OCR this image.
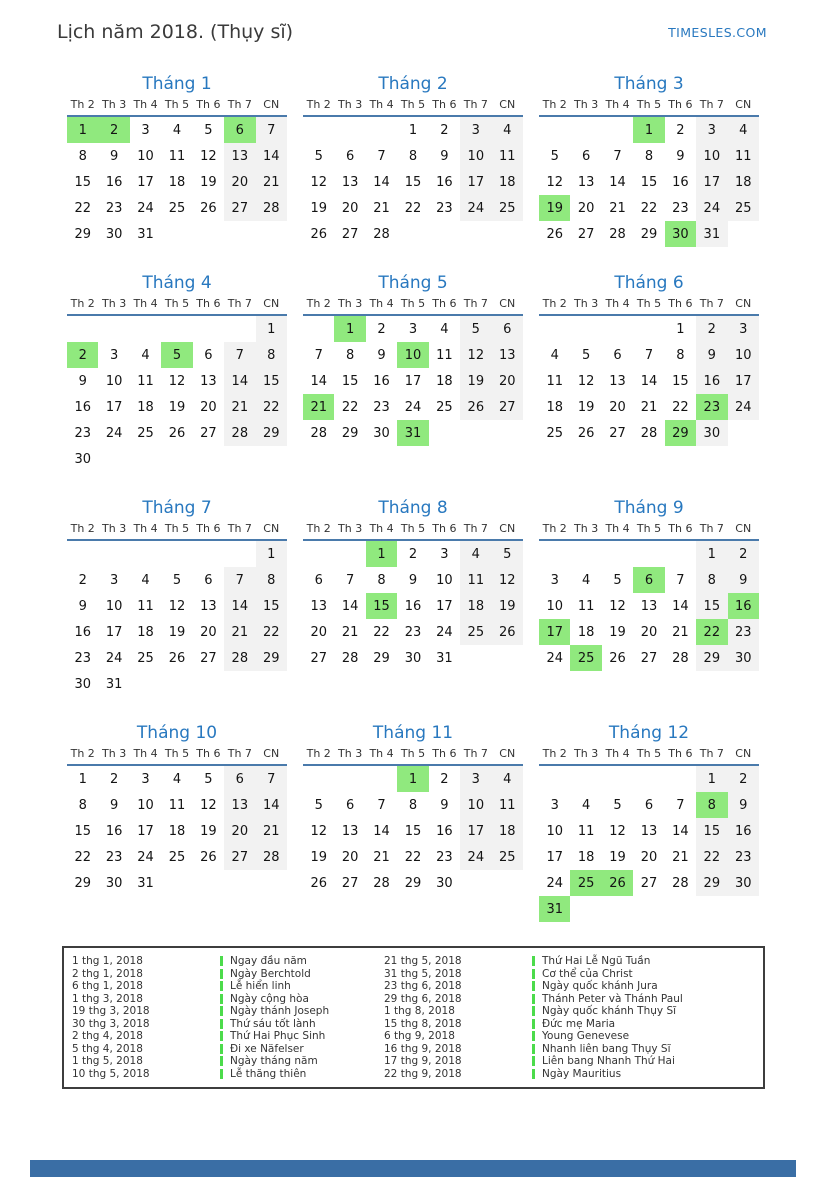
Lịch năm 2018. (Thụy sĩ)	TIMESLES.COM
Tháng 1
Th 2	Th 3	Th 4	Th 5	Th 6	Th 7	CN
1	2	3	4	5	6	7
8	9	10	11	12	13	14
15	16	17	18	19	20	21
22	23	24	25	26	27	28
29	30	31				
Tháng 2
Th 2	Th 3	Th 4	Th 5	Th 6	Th 7	CN
			1	2	3	4
5	6	7	8	9	10	11
12	13	14	15	16	17	18
19	20	21	22	23	24	25
26	27	28				
Tháng 3
Th 2	Th 3	Th 4	Th 5	Th 6	Th 7	CN
			1	2	3	4
5	6	7	8	9	10	11
12	13	14	15	16	17	18
19	20	21	22	23	24	25
26	27	28	29	30	31	
Tháng 4
Th 2	Th 3	Th 4	Th 5	Th 6	Th 7	CN
						1
2	3	4	5	6	7	8
9	10	11	12	13	14	15
16	17	18	19	20	21	22
23	24	25	26	27	28	29
30						
Tháng 5
Th 2	Th 3	Th 4	Th 5	Th 6	Th 7	CN
	1	2	3	4	5	6
7	8	9	10	11	12	13
14	15	16	17	18	19	20
21	22	23	24	25	26	27
28	29	30	31			
Tháng 6
Th 2	Th 3	Th 4	Th 5	Th 6	Th 7	CN
				1	2	3
4	5	6	7	8	9	10
11	12	13	14	15	16	17
18	19	20	21	22	23	24
25	26	27	28	29	30	
Tháng 7
Th 2	Th 3	Th 4	Th 5	Th 6	Th 7	CN
						1
2	3	4	5	6	7	8
9	10	11	12	13	14	15
16	17	18	19	20	21	22
23	24	25	26	27	28	29
30	31					
Tháng 8
Th 2	Th 3	Th 4	Th 5	Th 6	Th 7	CN
		1	2	3	4	5
6	7	8	9	10	11	12
13	14	15	16	17	18	19
20	21	22	23	24	25	26
27	28	29	30	31		
Tháng 9
Th 2	Th 3	Th 4	Th 5	Th 6	Th 7	CN
					1	2
3	4	5	6	7	8	9
10	11	12	13	14	15	16
17	18	19	20	21	22	23
24	25	26	27	28	29	30
Tháng 10
Th 2	Th 3	Th 4	Th 5	Th 6	Th 7	CN
1	2	3	4	5	6	7
8	9	10	11	12	13	14
15	16	17	18	19	20	21
22	23	24	25	26	27	28
29	30	31				
Tháng 11
Th 2	Th 3	Th 4	Th 5	Th 6	Th 7	CN
			1	2	3	4
5	6	7	8	9	10	11
12	13	14	15	16	17	18
19	20	21	22	23	24	25
26	27	28	29	30		
Tháng 12
Th 2	Th 3	Th 4	Th 5	Th 6	Th 7	CN
					1	2
3	4	5	6	7	8	9
10	11	12	13	14	15	16
17	18	19	20	21	22	23
24	25	26	27	28	29	30
31						
1 thg 1, 2018	Ngay đầu năm
2 thg 1, 2018	Ngày Berchtold
6 thg 1, 2018	Lễ hiển linh
1 thg 3, 2018	Ngày cộng hòa
19 thg 3, 2018	Ngày thánh Joseph
30 thg 3, 2018	Thứ sáu tốt lành
2 thg 4, 2018	Thứ Hai Phục Sinh
5 thg 4, 2018	Đi xe Näfelser
1 thg 5, 2018	Ngày tháng năm
10 thg 5, 2018	Lễ thăng thiên
21 thg 5, 2018	Thứ Hai Lễ Ngũ Tuần
31 thg 5, 2018	Cơ thể của Christ
23 thg 6, 2018	Ngày quốc khánh Jura
29 thg 6, 2018	Thánh Peter và Thánh Paul
1 thg 8, 2018	Ngày quốc khánh Thụy Sĩ
15 thg 8, 2018	Đức mẹ Maria
6 thg 9, 2018	Young Genevese
16 thg 9, 2018	Nhanh liên bang Thụy Sĩ
17 thg 9, 2018	Liên bang Nhanh Thứ Hai
22 thg 9, 2018	Ngày Mauritius
